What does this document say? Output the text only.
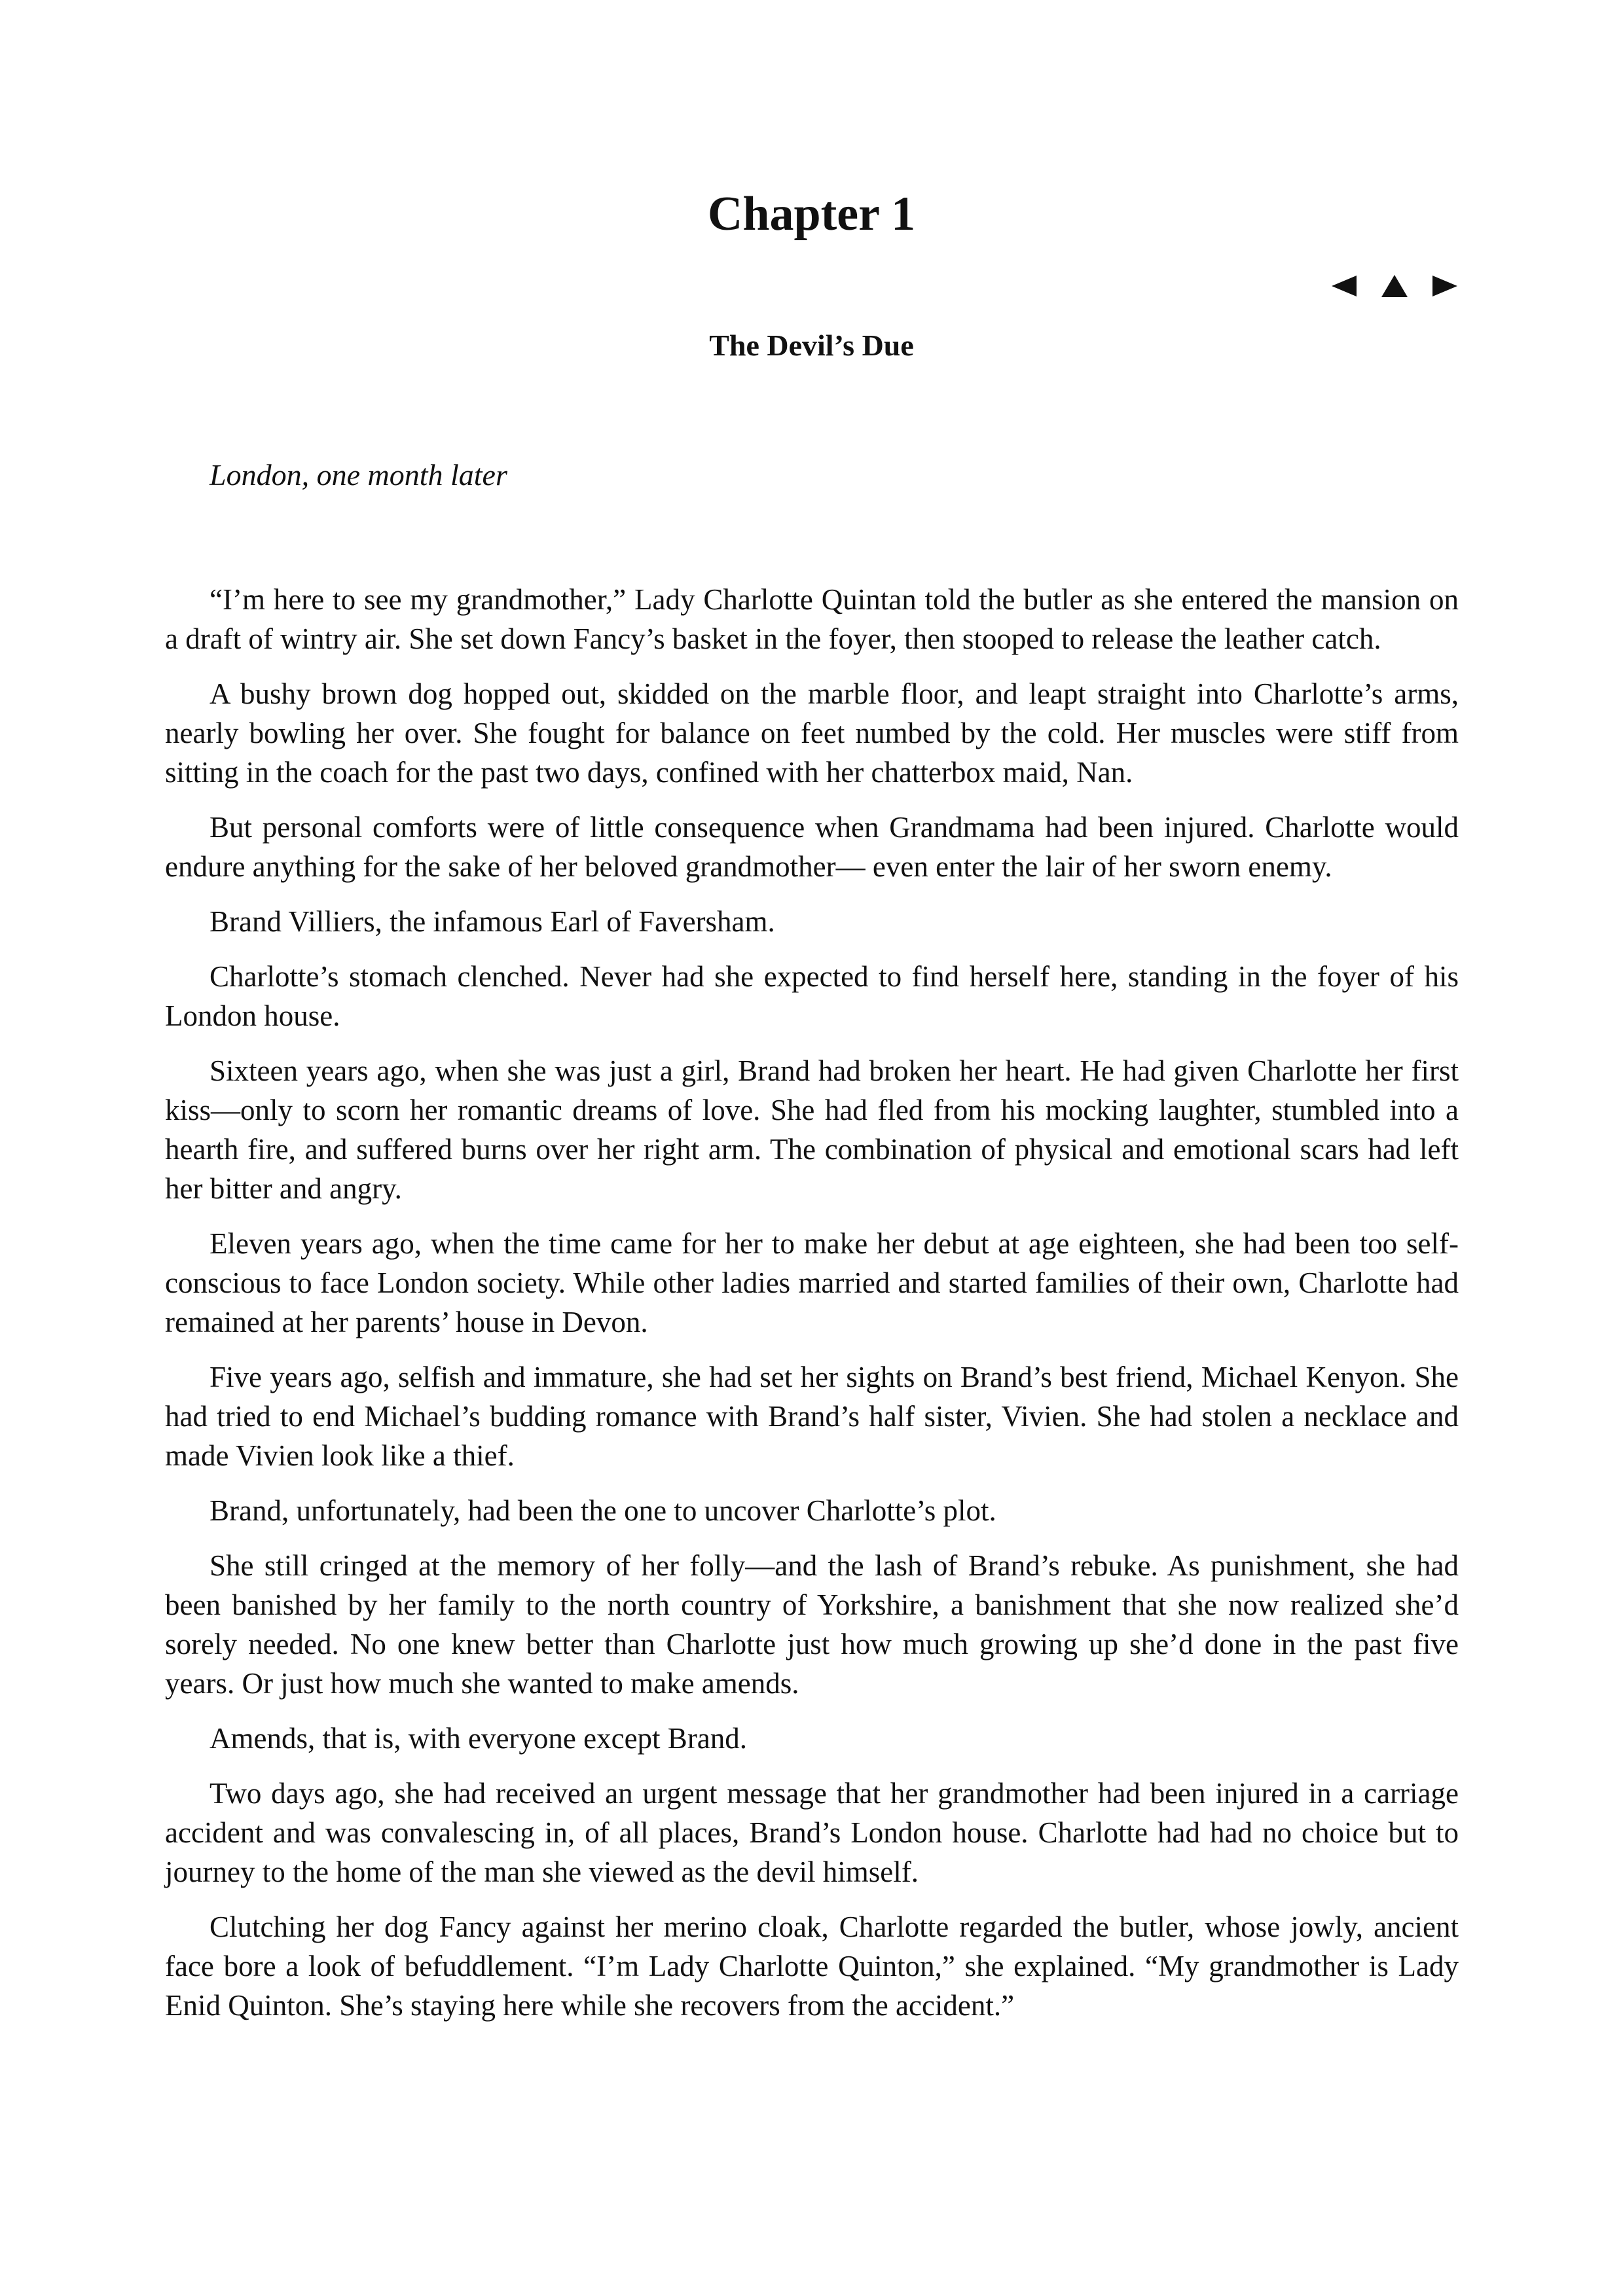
Chapter 1
The Devil’s Due

London, one month later

“I’m here to see my grandmother,” Lady Charlotte Quintan told the butler as she entered the mansion on a draft of wintry air. She set down Fancy’s basket in the foyer, then stooped to release the leather catch.

A bushy brown dog hopped out, skidded on the marble floor, and leapt straight into Charlotte’s arms, nearly bowling her over. She fought for balance on feet numbed by the cold. Her muscles were stiff from sitting in the coach for the past two days, confined with her chatterbox maid, Nan.

But personal comforts were of little consequence when Grandmama had been injured. Charlotte would endure anything for the sake of her beloved grandmother— even enter the lair of her sworn enemy.

Brand Villiers, the infamous Earl of Faversham.

Charlotte’s stomach clenched. Never had she expected to find herself here, standing in the foyer of his London house.

Sixteen years ago, when she was just a girl, Brand had broken her heart. He had given Charlotte her first kiss—only to scorn her romantic dreams of love. She had fled from his mocking laughter, stumbled into a hearth fire, and suffered burns over her right arm. The combination of physical and emotional scars had left her bitter and angry.

Eleven years ago, when the time came for her to make her debut at age eighteen, she had been too self-conscious to face London society. While other ladies married and started families of their own, Charlotte had remained at her parents’ house in Devon.

Five years ago, selfish and immature, she had set her sights on Brand’s best friend, Michael Kenyon. She had tried to end Michael’s budding romance with Brand’s half sister, Vivien. She had stolen a necklace and made Vivien look like a thief.

Brand, unfortunately, had been the one to uncover Charlotte’s plot.

She still cringed at the memory of her folly—and the lash of Brand’s rebuke. As punishment, she had been banished by her family to the north country of Yorkshire, a banishment that she now realized she’d sorely needed. No one knew better than Charlotte just how much growing up she’d done in the past five years. Or just how much she wanted to make amends.

Amends, that is, with everyone except Brand.

Two days ago, she had received an urgent message that her grandmother had been injured in a carriage accident and was convalescing in, of all places, Brand’s London house. Charlotte had had no choice but to journey to the home of the man she viewed as the devil himself.

Clutching her dog Fancy against her merino cloak, Charlotte regarded the butler, whose jowly, ancient face bore a look of befuddlement. “I’m Lady Charlotte Quinton,” she explained. “My grandmother is Lady Enid Quinton. She’s staying here while she recovers from the accident.”
